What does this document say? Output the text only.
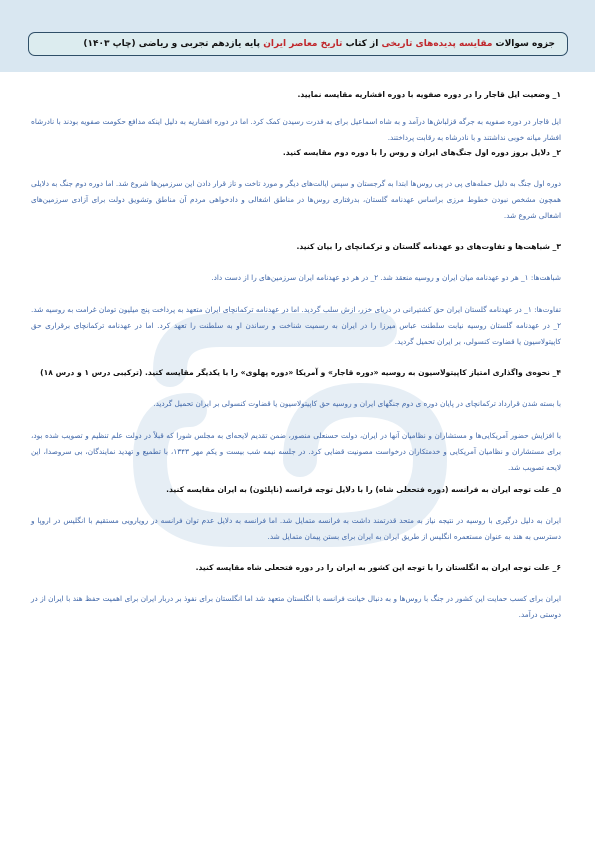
جزوه سوالات مقایسه پدیده‌های تاریخی از کتاب تاریخ معاصر ایران پایه یازدهم تجربی و ریاضی (چاپ ۱۴۰۳)

۱_ وضعیت ایل قاجار را در دوره صفویه با دوره افشاریه مقایسه نمایید.

ایل قاجار در دوره صفویه به جرگه قزلباش‌ها درآمد و به شاه اسماعیل برای به قدرت رسیدن کمک کرد. اما در دوره افشاریه به دلیل اینکه مدافع حکومت صفویه بودند با نادرشاه افشار میانه خوبی نداشتند و با نادرشاه به رقابت پرداختند.

۲_ دلایل بروز دوره اول جنگ‌های ایران و روس را با دوره دوم مقایسه کنید.

دوره اول جنگ به دلیل حمله‌های پی در پی روس‌ها ابتدا به گرجستان و سپس ایالت‌های دیگر و مورد تاخت و تاز قرار دادن این سرزمین‌ها شروع شد. اما دوره دوم جنگ به دلایلی همچون مشخص نبودن خطوط مرزی براساس عهدنامه گلستان، بدرفتاری روس‌ها در مناطق اشغالی و دادخواهی مردم آن مناطق وتشویق دولت برای آزادی سرزمین‌های اشغالی شروع شد.

۳_ شباهت‌ها و تفاوت‌های دو عهدنامه گلستان و ترکمانچای را بیان کنید.

شباهت‌ها: ۱_ هر دو عهدنامه میان ایران و روسیه منعقد شد. ۲_ در هر دو عهدنامه ایران سرزمین‌های را از دست داد.

تفاوت‌ها: ۱_ در عهدنامه گلستان ایران حق کشتیرانی در دریای خزر، ازش سلب گردید. اما در عهدنامه ترکمانچای ایران متعهد به پرداخت پنج میلیون تومان غرامت به روسیه شد. ۲_ در عهدنامه گلستان روسیه نیابت سلطنت عباس میرزا را در ایران به رسمیت شناخت و رساندن او به سلطنت را تعهد کرد. اما در عهدنامه ترکمانچای برقراری حق کاپیتولاسیون یا قضاوت کنسولی، بر ایران تحمیل گردید.

۴_ نحوه‌ی واگذاری امتیاز کاپیتولاسیون به روسیه «دوره قاجار» و آمریکا «دوره پهلوی» را با یکدیگر مقایسه کنید. (ترکیبی درس ۱ و درس ۱۸)

با بسته شدن قرارداد ترکمانچای در پایان دوره ی دوم جنگهای ایران و روسیه حق کاپیتولاسیون یا قضاوت کنسولی بر ایران تحمیل گردید.

با افزایش حضور آمریکایی‌ها و مستشاران و نظامیان آنها در ایران، دولت حسنعلی منصور، ضمن تقدیم لایحه‌ای به مجلس شورا که قبلاً در دولت علم تنظیم و تصویب شده بود، برای مستشاران و نظامیان آمریکایی و خدمتکاران درخواست مصونیت قضایی کرد. در جلسه نیمه شب بیست و یکم مهر ۱۳۴۳، با تطمیع و تهدید نمایندگان، بی سروصدا، این لایحه تصویب شد.

۵_ علت توجه ایران به فرانسه (دوره فتحعلی شاه) را با دلایل توجه فرانسه (ناپلئون) به ایران مقایسه کنید.

ایران به دلیل درگیری با روسیه در نتیجه نیاز به متحد قدرتمند داشت به فرانسه متمایل شد. اما فرانسه به دلایل عدم توان فرانسه در رویارویی مستقیم با انگلیس در اروپا و دسترسی به هند به عنوان مستعمره انگلیس از طریق ایران به ایران برای بستن پیمان متمایل شد.

۶_ علت توجه ایران به انگلستان را با توجه این کشور به ایران را در دوره فتحعلی شاه مقایسه کنید.

ایران برای کسب حمایت این کشور در جنگ با روس‌ها و به دنبال خیانت فرانسه با انگلستان متعهد شد اما انگلستان برای نفوذ بر دربار ایران برای اهمیت حفظ هند با ایران از در دوستی درآمد.
